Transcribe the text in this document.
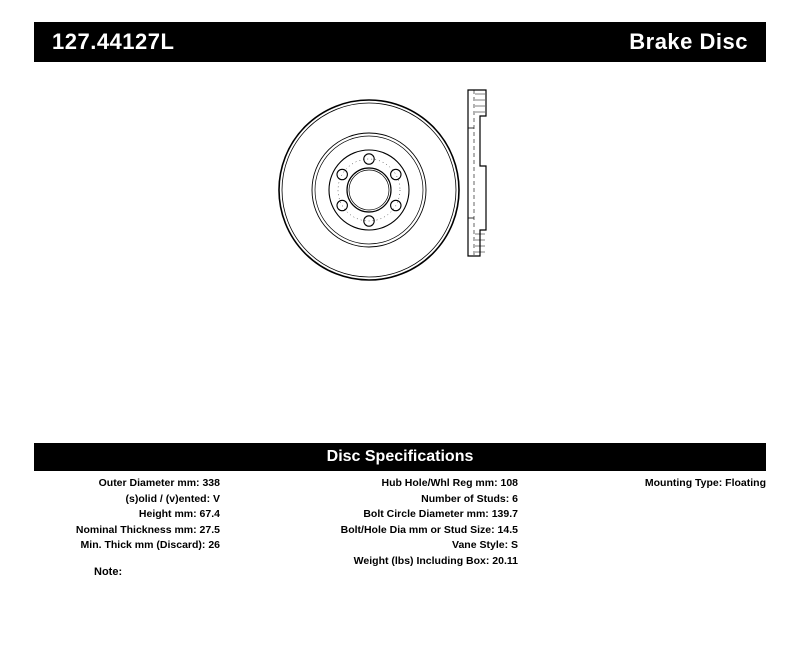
127.44127L	Brake Disc
Disc Specifications
Outer Diameter mm: 338
(s)olid / (v)ented: V
Height mm: 67.4
Nominal Thickness mm: 27.5
Min. Thick mm (Discard): 26
Hub Hole/Whl Reg mm: 108
Number of Studs: 6
Bolt Circle Diameter mm: 139.7
Bolt/Hole Dia mm or Stud Size: 14.5
Vane Style: S
Weight (lbs) Including Box: 20.11
Mounting Type: Floating
Note:
